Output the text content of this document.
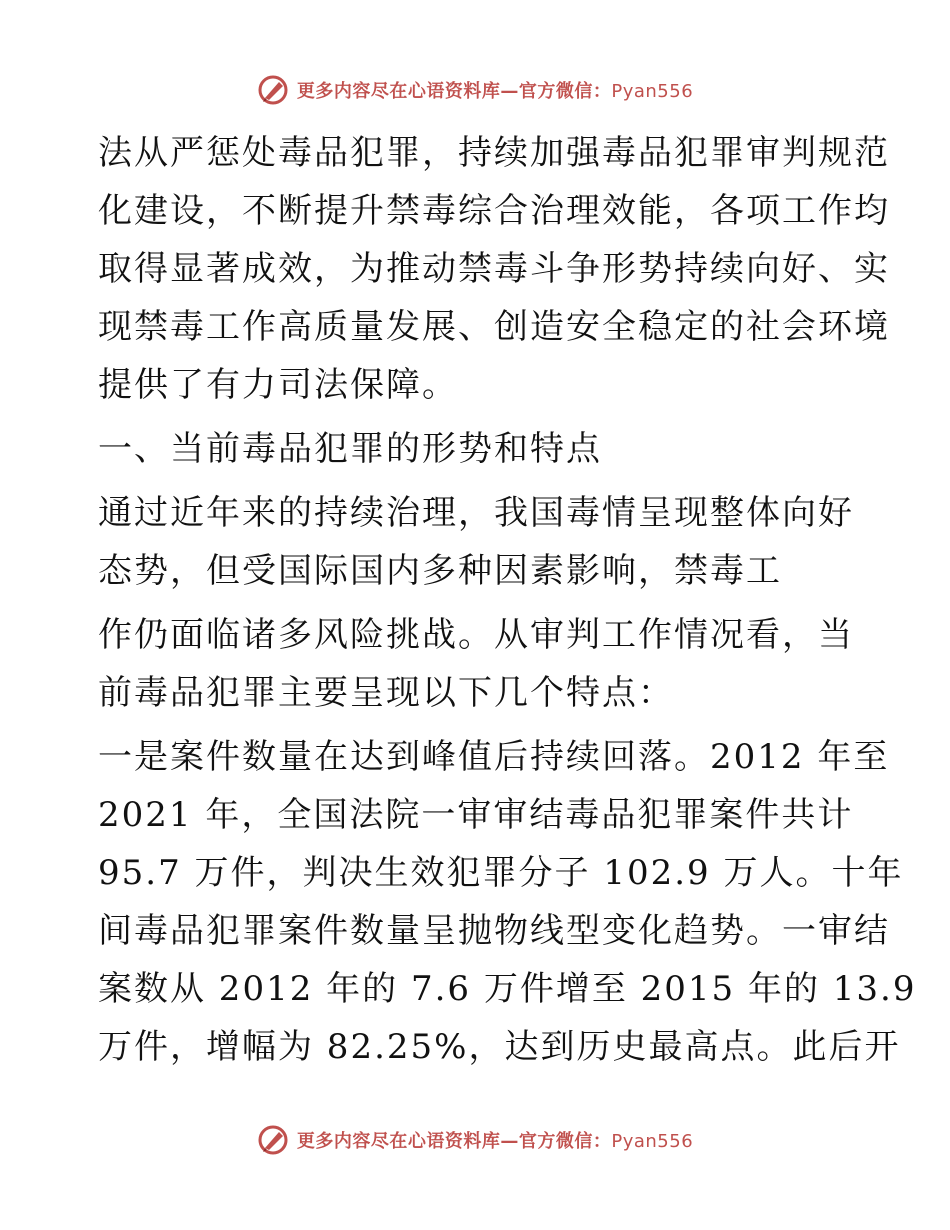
更多内容尽在心语资料库—官方微信：Pyan556
法从严惩处毒品犯罪，持续加强毒品犯罪审判规范
化建设，不断提升禁毒综合治理效能，各项工作均
取得显著成效，为推动禁毒斗争形势持续向好、实
现禁毒工作高质量发展、创造安全稳定的社会环境
提供了有力司法保障。
一、当前毒品犯罪的形势和特点
通过近年来的持续治理，我国毒情呈现整体向好
态势，但受国际国内多种因素影响，禁毒工
作仍面临诸多风险挑战。从审判工作情况看，当
前毒品犯罪主要呈现以下几个特点：
一是案件数量在达到峰值后持续回落。2012 年至
2021 年，全国法院一审审结毒品犯罪案件共计
95.7 万件，判决生效犯罪分子 102.9 万人。十年
间毒品犯罪案件数量呈抛物线型变化趋势。一审结
案数从 2012 年的 7.6 万件增至 2015 年的 13.9
万件，增幅为 82.25%，达到历史最高点。此后开
更多内容尽在心语资料库—官方微信：Pyan556
